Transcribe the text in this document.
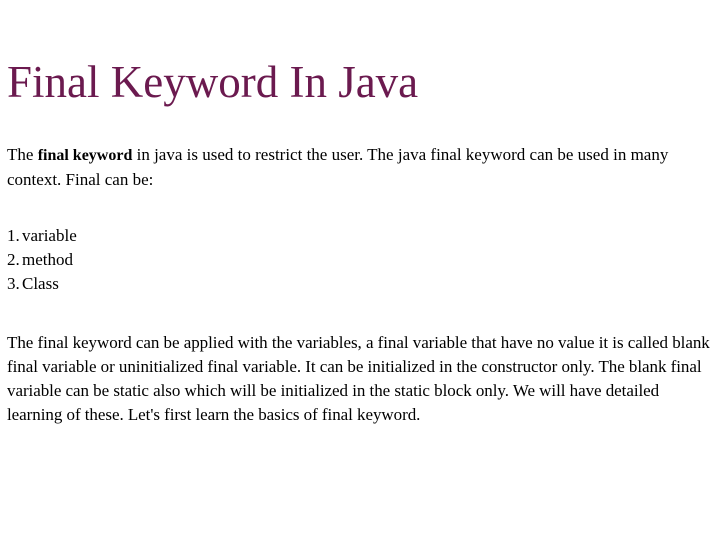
Final Keyword In Java

The final keyword in java is used to restrict the user. The java final keyword can be used in many context. Final can be:

1. variable
2. method
3. Class

The final keyword can be applied with the variables, a final variable that have no value it is called blank final variable or uninitialized final variable. It can be initialized in the constructor only. The blank final variable can be static also which will be initialized in the static block only. We will have detailed learning of these. Let's first learn the basics of final keyword.
